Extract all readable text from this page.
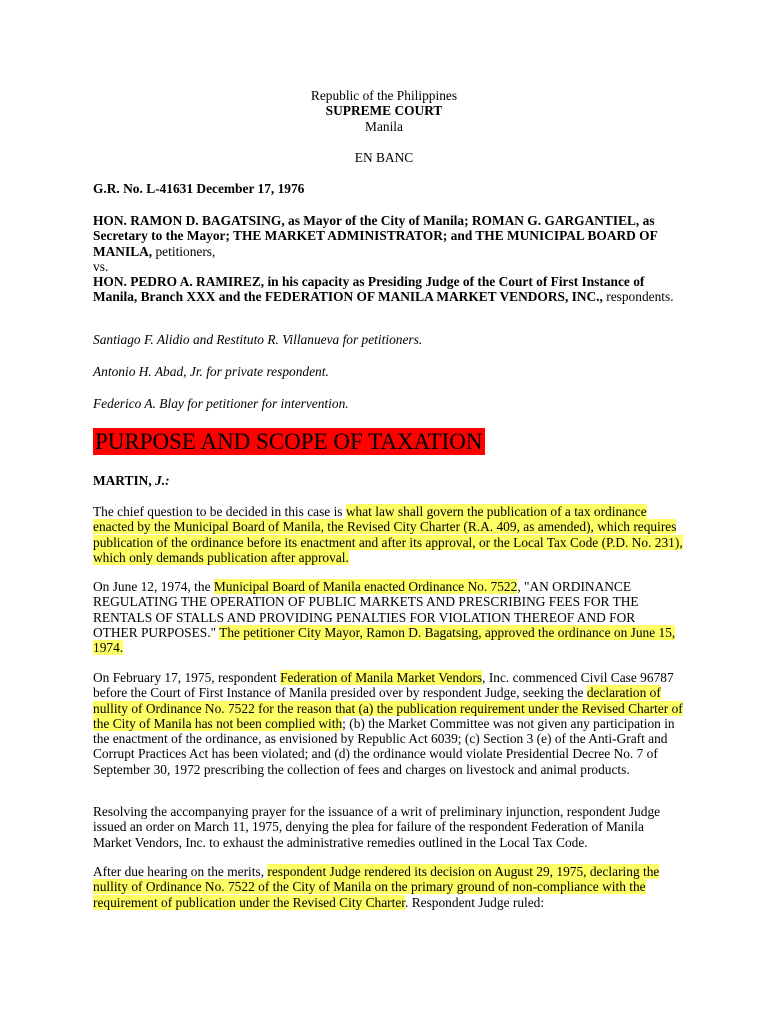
Republic of the Philippines
SUPREME COURT
Manila

EN BANC

G.R. No. L-41631 December 17, 1976

HON. RAMON D. BAGATSING, as Mayor of the City of Manila; ROMAN G. GARGANTIEL, as Secretary to the Mayor; THE MARKET ADMINISTRATOR; and THE MUNICIPAL BOARD OF MANILA, petitioners,
vs.
HON. PEDRO A. RAMIREZ, in his capacity as Presiding Judge of the Court of First Instance of Manila, Branch XXX and the FEDERATION OF MANILA MARKET VENDORS, INC., respondents.

Santiago F. Alidio and Restituto R. Villanueva for petitioners.

Antonio H. Abad, Jr. for private respondent.

Federico A. Blay for petitioner for intervention.

PURPOSE AND SCOPE OF TAXATION

MARTIN, J.:

The chief question to be decided in this case is what law shall govern the publication of a tax ordinance enacted by the Municipal Board of Manila, the Revised City Charter (R.A. 409, as amended), which requires publication of the ordinance before its enactment and after its approval, or the Local Tax Code (P.D. No. 231), which only demands publication after approval.

On June 12, 1974, the Municipal Board of Manila enacted Ordinance No. 7522, "AN ORDINANCE REGULATING THE OPERATION OF PUBLIC MARKETS AND PRESCRIBING FEES FOR THE RENTALS OF STALLS AND PROVIDING PENALTIES FOR VIOLATION THEREOF AND FOR OTHER PURPOSES." The petitioner City Mayor, Ramon D. Bagatsing, approved the ordinance on June 15, 1974.

On February 17, 1975, respondent Federation of Manila Market Vendors, Inc. commenced Civil Case 96787 before the Court of First Instance of Manila presided over by respondent Judge, seeking the declaration of nullity of Ordinance No. 7522 for the reason that (a) the publication requirement under the Revised Charter of the City of Manila has not been complied with; (b) the Market Committee was not given any participation in the enactment of the ordinance, as envisioned by Republic Act 6039; (c) Section 3 (e) of the Anti-Graft and Corrupt Practices Act has been violated; and (d) the ordinance would violate Presidential Decree No. 7 of September 30, 1972 prescribing the collection of fees and charges on livestock and animal products.

Resolving the accompanying prayer for the issuance of a writ of preliminary injunction, respondent Judge issued an order on March 11, 1975, denying the plea for failure of the respondent Federation of Manila Market Vendors, Inc. to exhaust the administrative remedies outlined in the Local Tax Code.

After due hearing on the merits, respondent Judge rendered its decision on August 29, 1975, declaring the nullity of Ordinance No. 7522 of the City of Manila on the primary ground of non-compliance with the requirement of publication under the Revised City Charter. Respondent Judge ruled:
